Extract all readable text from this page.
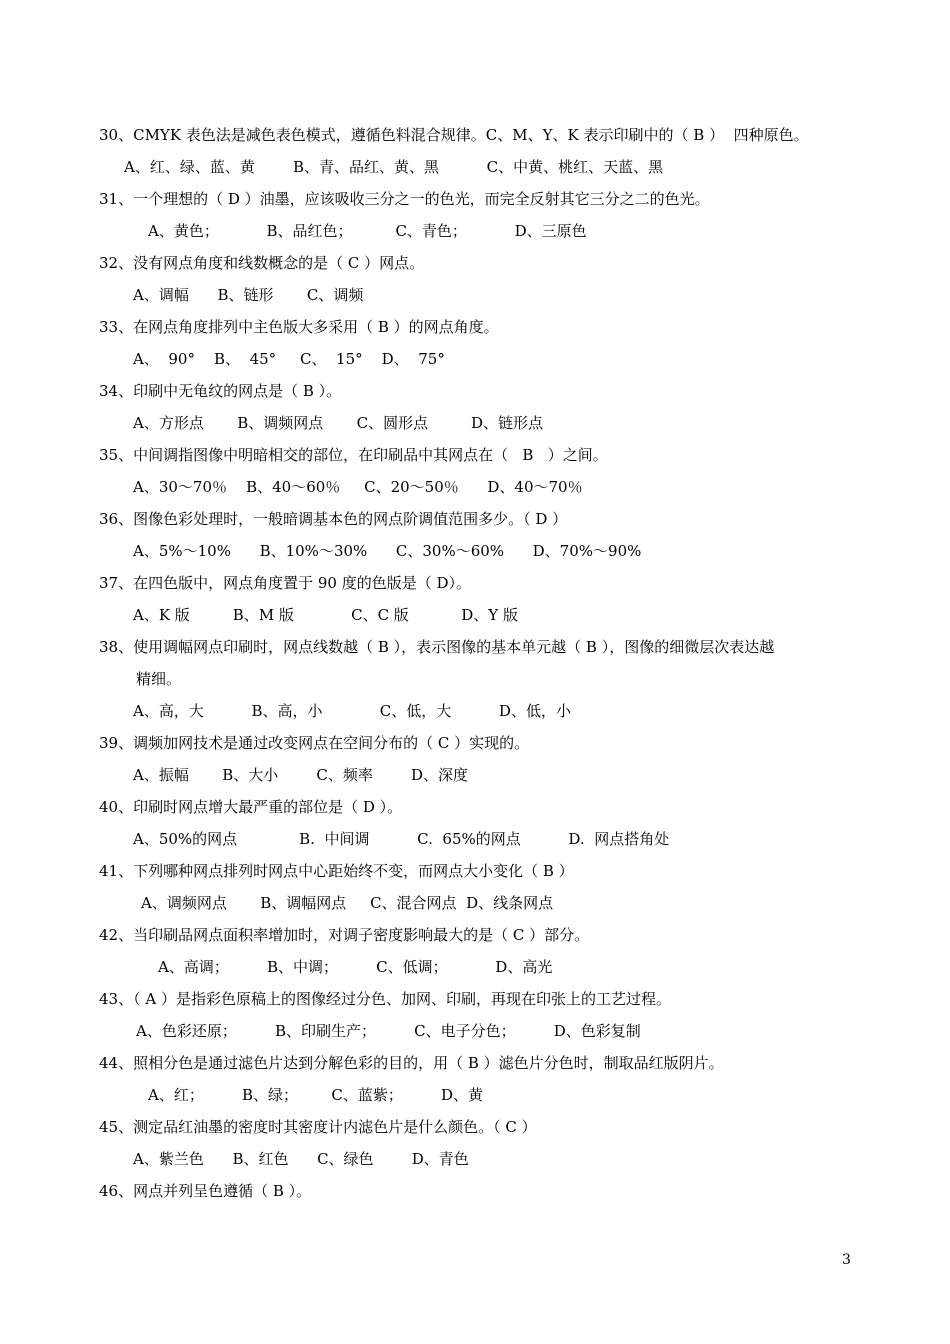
30、CMYK 表色法是减色表色模式，遵循色料混合规律。C、M、Y、K 表示印刷中的（ B ）  四种原色。
A、红、绿、蓝、黄        B、青、品红、黄、黑          C、中黄、桃红、天蓝、黑
31、一个理想的（ D ）油墨，应该吸收三分之一的色光，而完全反射其它三分之二的色光。
A、黄色；          B、品红色；         C、青色；          D、三原色
32、没有网点角度和线数概念的是（ C ）网点。
A、调幅      B、链形       C、调频
33、在网点角度排列中主色版大多采用（ B ）的网点角度。
A、  90°    B、  45°     C、  15°    D、  75°
34、印刷中无龟纹的网点是（ B ）。
A、方形点       B、调频网点       C、圆形点         D、链形点
35、中间调指图像中明暗相交的部位，在印刷品中其网点在（   B   ）之间。
A、30～70％    B、40～60％     C、20～50％      D、40～70％
36、图像色彩处理时，一般暗调基本色的网点阶调值范围多少。（ D ）
A、5%～10%      B、10%～30%      C、30%～60%      D、70%～90%
37、在四色版中，网点角度置于 90 度的色版是（ D）。
A、K 版         B、M 版            C、C 版           D、Y 版
38、使用调幅网点印刷时，网点线数越（ B ），表示图像的基本单元越（ B ），图像的细微层次表达越
精细。
A、高，大          B、高，小            C、低，大          D、低，小
39、调频加网技术是通过改变网点在空间分布的（ C ）实现的。
A、振幅       B、大小        C、频率        D、深度
40、印刷时网点增大最严重的部位是（ D ）。
A、50%的网点             B.  中间调          C.  65%的网点          D.  网点搭角处
41、下列哪种网点排列时网点中心距始终不变，而网点大小变化（ B ）
A、调频网点       B、调幅网点     C、混合网点  D、线条网点
42、当印刷品网点面积率增加时，对调子密度影响最大的是（ C ）部分。
A、高调；        B、中调；        C、低调；          D、高光
43、（ A ）是指彩色原稿上的图像经过分色、加网、印刷，再现在印张上的工艺过程。
A、色彩还原；        B、印刷生产；        C、电子分色；        D、色彩复制
44、照相分色是通过滤色片达到分解色彩的目的，用（ B ）滤色片分色时，制取品红版阴片。
A、红；        B、绿；       C、蓝紫；        D、黄
45、测定品红油墨的密度时其密度计内滤色片是什么颜色。（ C ）
A、紫兰色      B、红色      C、绿色        D、青色
46、网点并列呈色遵循（ B ）。
3
